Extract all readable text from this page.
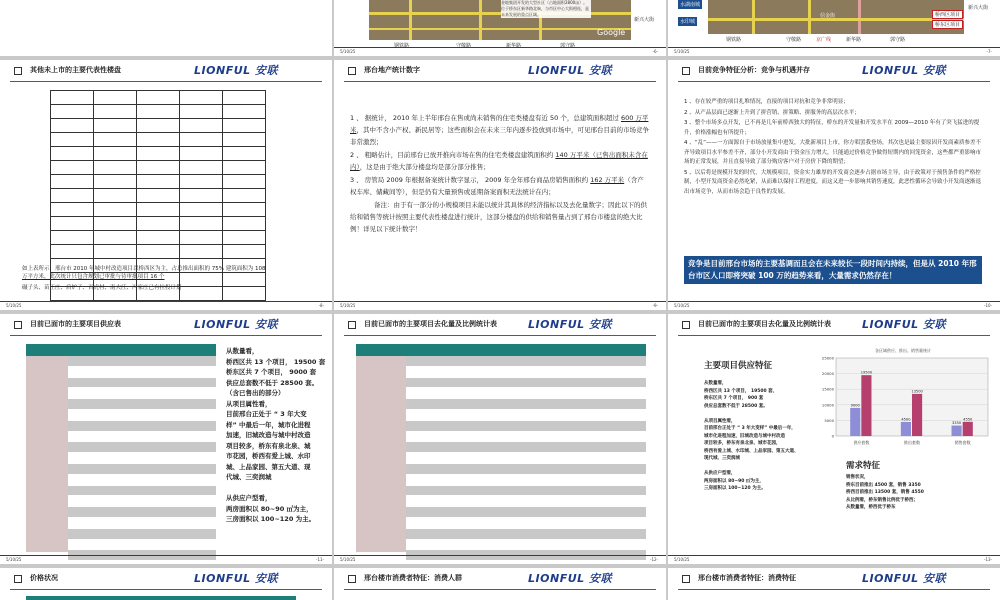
金地集团开发的大型社区（占地面积2800亩）。位于桥东区新华路北端，与市区中心大街相连，是未来发展的重点区域。
Google
新兴大街
钢铁路	守敬路	新华路	郭守路
5/10/25	-6-
信金街
水湖南城
水印城
新兴大街
桥西区项目
桥东区项目
钢铁路	守敬路	京广线	新华路	郭守路
5/10/25	-7-
其他未上市的主要代表性楼盘	LIONFUL 安联

如上表所示，邢台市 2010 年城中村改造项目以桥西区为主，占总推出面积的 75% 建筑面积为 108
万平方米，此次统计只包含规划已审批与待审批项目 16 个
碾子头、苗王庄、后炉子、百虎村、南大汪、冯家庄已有拉投计划
5/10/25	-8-
邢台地产统计数字	LIONFUL 安联

1 、 据统计， 2010 年上半年邢台在售或尚未销售的住宅类楼盘有近 50 个，总建筑面积超过 600 万平米，其中不含小产权、新民居等；这些面积会在未来三年内逐步投放到市场中，可见邢台目前的市场竞争非常激烈；

2 、 粗略估计，目前邢台已放开推向市场在售的住宅类楼盘建筑面积约 140 万平米（已售出面积未含在内），这是由于绝大部分楼盘均是部分部分推售；

3 、 房管局 2009 年根据备案统计数字显示， 2009 年全年邢台商品房销售面积约 162 万平米（含产权车库、储藏间等），但是仍有大量预售或延期备案面积无法统计在内；

备注：由于有一部分的小规模项目未能以统计其具体的经济指标以及去化量数字；因此以下的供给和销售等统计按照主要代表性楼盘进行统计，这部分楼盘的供给和销售量占到了邢台市楼盘的绝大比例！详见以下统计数字！

5/10/25	-9-
目前竞争特征分析：竞争与机遇并存	LIONFUL 安联

1 、存在较严重的项目扎堆情况，直接的项目对抗和竞争非常明显；

2 、从产品层面已逐渐上升到了拼营销、拼策略、拼服务的高层次水平；

3 、整个市场多点开发，已不再是几年前桥西独大的特征，桥东的开发量和开发水平在 2009—2010 年有了突飞猛进的提升，价格涨幅也有所提升；

4 、“乱”——一方面源自于市场放量集中进发，大批新项目上市，你方唱罢我登场，其次也是最主要原因开发商素质参差不齐导致项目水平参差不齐，部分小开发商由于资金压力增大，只能通过价格竞争做得短期内的回笼资金，这些都严重影响市场的正常发展，并且直接导致了部分购房客户对于房价下降的期望；

5 、以后将是规模开发的时代，大规模项目，资金实力雄厚的开发商会逐步占据市场主导，由于政策对于预售条件的严格控制，小型开发商资金必然吃紧，从而难以保持工程进度，而这又进一步影响其销售速度，此恶性循环会导致小开发商逐渐退出市场竞争，从而市场会趋于良性的发展。

竞争是目前邢台市场的主要基调而且会在未来较长一段时间内持续，但是从 2010 年邢台市区人口即将突破 100 万的趋势来看，大量需求仍然存在！
5/10/25	-10-
目前已面市的主要项目供应表	LIONFUL 安联
从数量看，
桥西区共 13 个项目， 19500 套
桥东区共 7 个项目， 9000 套
供应总套数不低于 28500 套。
（含已售出的部分）
从项目属性看，
目前邢台正处于 “ 3 年大变
样” 中最后一年，城市化进程
加速，旧城改造与城中村改造
项目较多，桥东有泉北泉、城
市花园，桥西有爱上城、水印
城、上品家园、第五大道、现
代城、三奕润城

从供应户型看，
两房面积以 80~90 ㎡为主，
三房面积以 100~120 为主。
5/10/25	-11-
目前已面市的主要项目去化量及比例统计表	LIONFUL 安联
5/10/25	-12-
目前已面市的主要项目去化量及比例统计表	LIONFUL 安联
主要项目供应特征
从数量看，
桥西区共 13 个项目， 19500 套，
桥东区共 7 个项目， 900 套
供应总套数不低于 28500 套。

从项目属性看，
目前邢台正处于 “ 3 年大变样” 中最后一年，
城市化进程加速，旧城改造与城中村改造
项目较多，桥东有泉北泉、城市花园，
桥西有爱上城、水印城、上品家园、第五大道、
现代城、三奕润城

从供应户型看，
两房面积以 80~90 ㎡为主，
三房面积以 100~120 为主。
需求特征
销售状况，
桥东目前推出 4500 套，销售 3350
桥西目前推出 13500 套，销售 4550
从比例看，桥东销售比例优于桥西；
从数量看，桥西优于桥东
各区域供应、推出、销售量统计
0
5000
10000
15000
20000
25000
9000
19500
供应套数
4500
13500
推出套数
3350
4550
销售套数
5/10/25	-13-
价格状况	LIONFUL 安联	邢台楼市消费者特征：消费人群	LIONFUL 安联	邢台楼市消费者特征：消费特征	LIONFUL 安联
